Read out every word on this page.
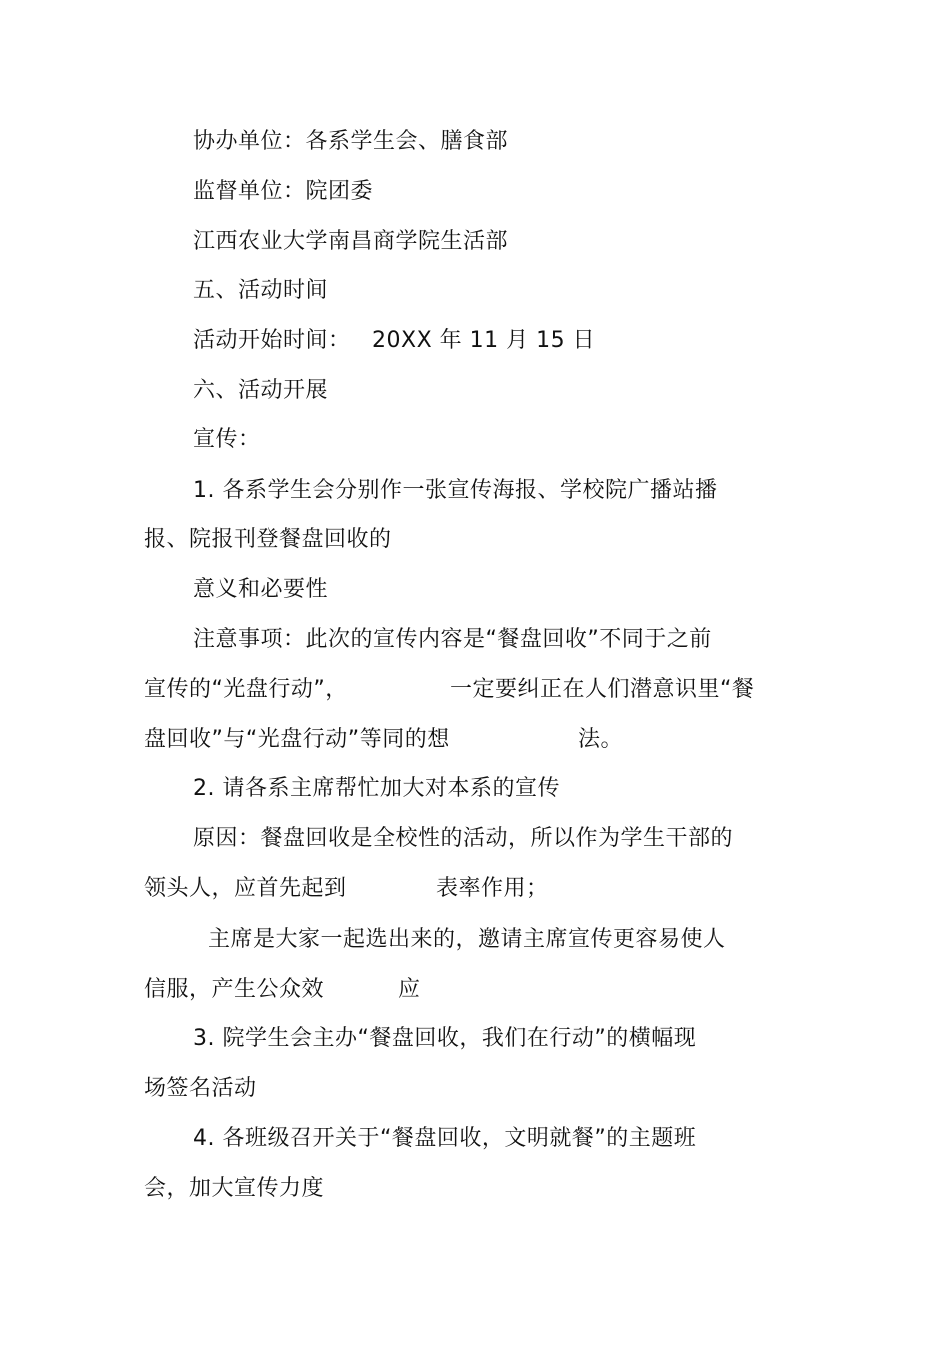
协办单位：各系学生会、膳食部
监督单位：院团委
江西农业大学南昌商学院生活部
五、活动时间
活动开始时间： 20XX 年 11 月 15 日
六、活动开展
宣传：
1. 各系学生会分别作一张宣传海报、学校院广播站播
报、院报刊登餐盘回收的
意义和必要性
注意事项：此次的宣传内容是“餐盘回收”不同于之前
宣传的“光盘行动”，	一定要纠正在人们潜意识里“餐
盘回收”与“光盘行动”等同的想	法。
2. 请各系主席帮忙加大对本系的宣传
原因：餐盘回收是全校性的活动，所以作为学生干部的
领头人，应首先起到	表率作用；
主席是大家一起选出来的，邀请主席宣传更容易使人
信服，产生公众效	应
3. 院学生会主办“餐盘回收，我们在行动”的横幅现
场签名活动
4. 各班级召开关于“餐盘回收，文明就餐”的主题班
会，加大宣传力度
